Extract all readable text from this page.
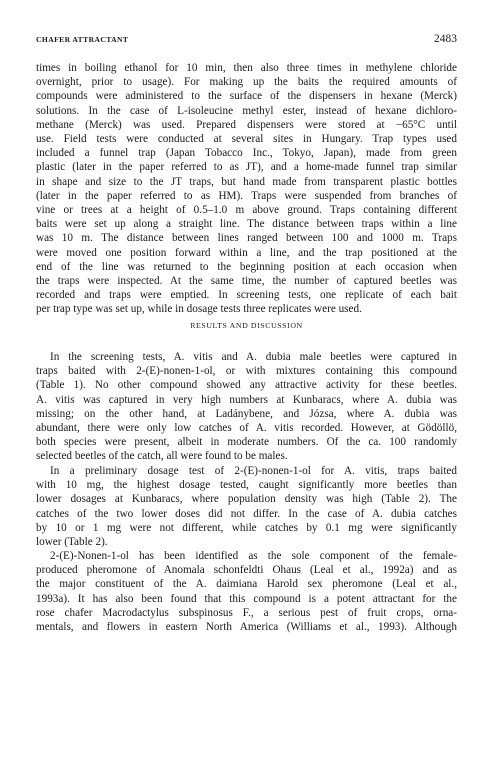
CHAFER ATTRACTANT	2483
times in boiling ethanol for 10 min, then also three times in methylene chloride
overnight, prior to usage). For making up the baits the required amounts of
compounds were administered to the surface of the dispensers in hexane (Merck)
solutions. In the case of L-isoleucine methyl ester, instead of hexane dichloro-
methane (Merck) was used. Prepared dispensers were stored at −65°C until
use. Field tests were conducted at several sites in Hungary. Trap types used
included a funnel trap (Japan Tobacco Inc., Tokyo, Japan), made from green
plastic (later in the paper referred to as JT), and a home-made funnel trap similar
in shape and size to the JT traps, but hand made from transparent plastic bottles
(later in the paper referred to as HM). Traps were suspended from branches of
vine or trees at a height of 0.5–1.0 m above ground. Traps containing different
baits were set up along a straight line. The distance between traps within a line
was 10 m. The distance between lines ranged between 100 and 1000 m. Traps
were moved one position forward within a line, and the trap positioned at the
end of the line was returned to the beginning position at each occasion when
the traps were inspected. At the same time, the number of captured beetles was
recorded and traps were emptied. In screening tests, one replicate of each bait
per trap type was set up, while in dosage tests three replicates were used.
RESULTS AND DISCUSSION
In the screening tests, A. vitis and A. dubia male beetles were captured in
traps baited with 2-(E)-nonen-1-ol, or with mixtures containing this compound
(Table 1). No other compound showed any attractive activity for these beetles.
A. vitis was captured in very high numbers at Kunbaracs, where A. dubia was
missing; on the other hand, at Ladánybene, and Józsa, where A. dubia was
abundant, there were only low catches of A. vitis recorded. However, at Gödöllö,
both species were present, albeit in moderate numbers. Of the ca. 100 randomly
selected beetles of the catch, all were found to be males.
In a preliminary dosage test of 2-(E)-nonen-1-ol for A. vitis, traps baited
with 10 mg, the highest dosage tested, caught significantly more beetles than
lower dosages at Kunbaracs, where population density was high (Table 2). The
catches of the two lower doses did not differ. In the case of A. dubia catches
by 10 or 1 mg were not different, while catches by 0.1 mg were significantly
lower (Table 2).
2-(E)-Nonen-1-ol has been identified as the sole component of the female-
produced pheromone of Anomala schonfeldti Ohaus (Leal et al., 1992a) and as
the major constituent of the A. daimiana Harold sex pheromone (Leal et al.,
1993a). It has also been found that this compound is a potent attractant for the
rose chafer Macrodactylus subspinosus F., a serious pest of fruit crops, orna-
mentals, and flowers in eastern North America (Williams et al., 1993). Although
